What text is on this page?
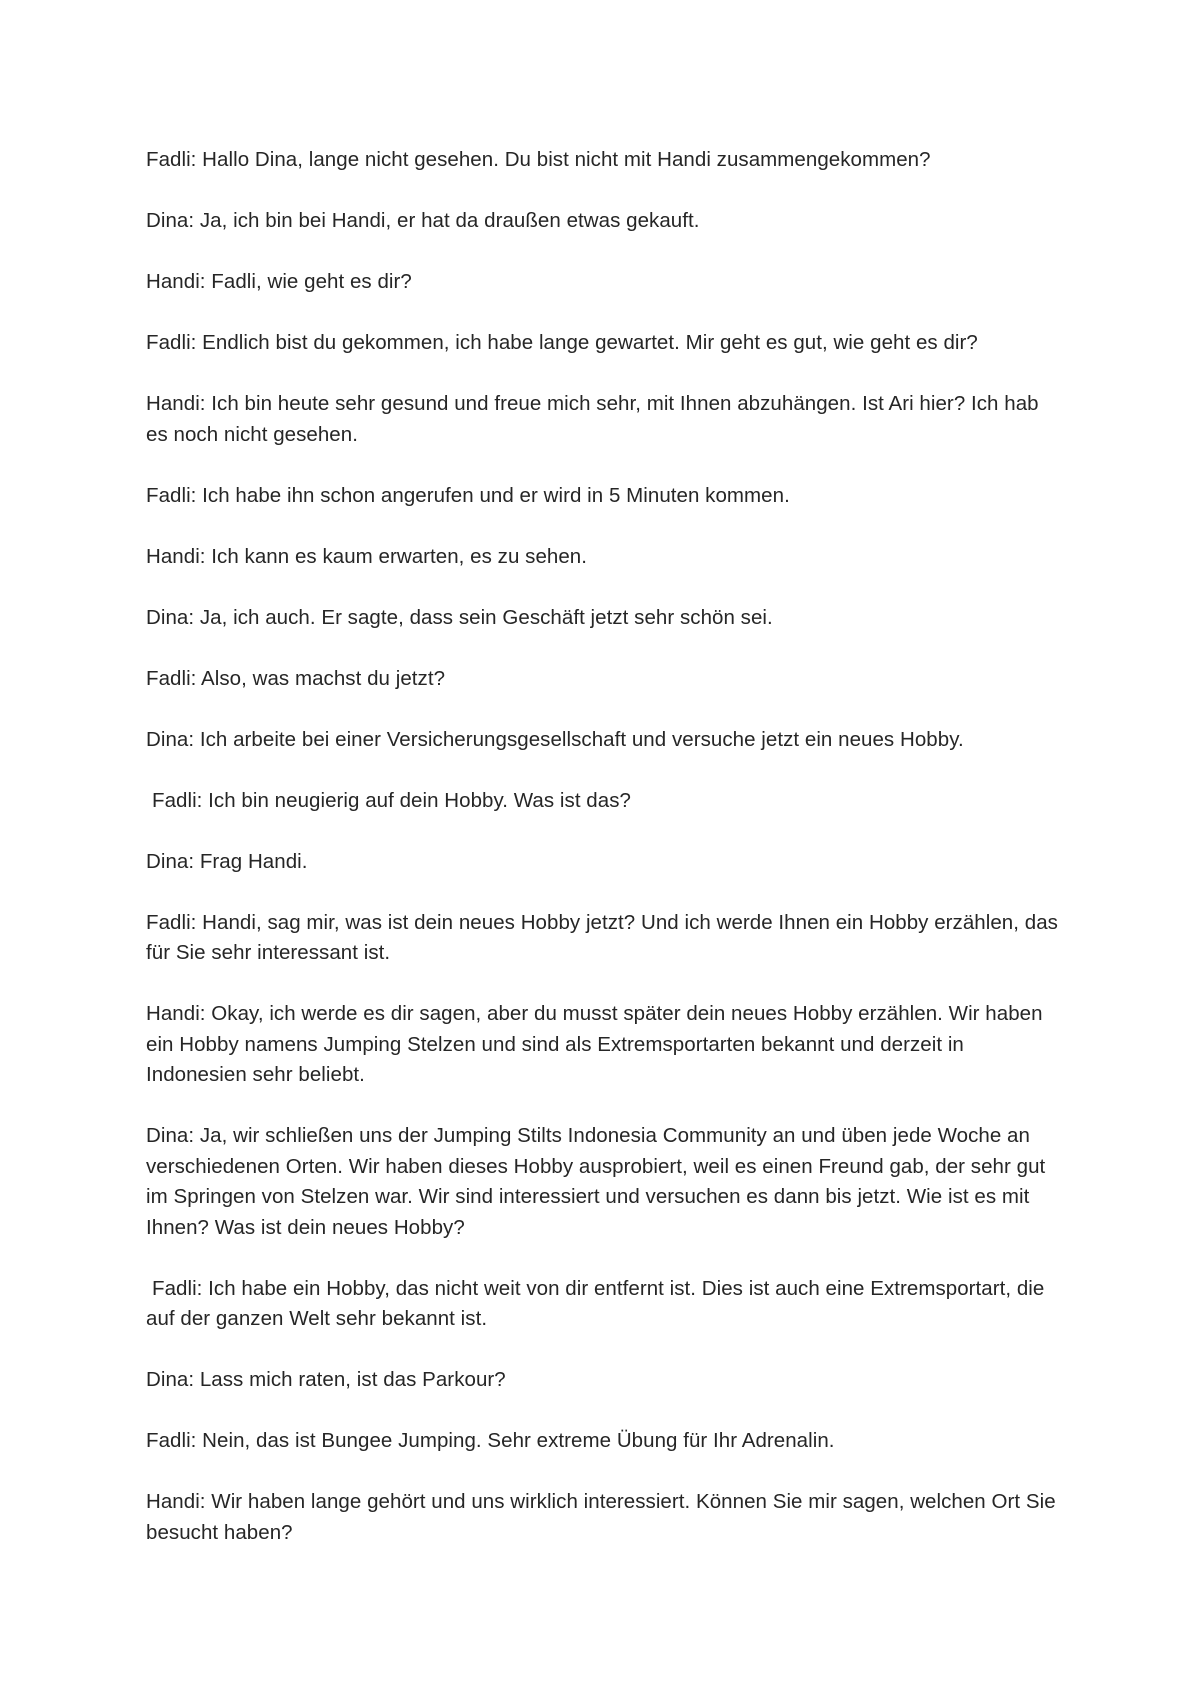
Fadli: Hallo Dina, lange nicht gesehen. Du bist nicht mit Handi zusammengekommen?

Dina: Ja, ich bin bei Handi, er hat da draußen etwas gekauft.

Handi: Fadli, wie geht es dir?

Fadli: Endlich bist du gekommen, ich habe lange gewartet. Mir geht es gut, wie geht es dir?

Handi: Ich bin heute sehr gesund und freue mich sehr, mit Ihnen abzuhängen. Ist Ari hier? Ich hab es noch nicht gesehen.

Fadli: Ich habe ihn schon angerufen und er wird in 5 Minuten kommen.

Handi: Ich kann es kaum erwarten, es zu sehen.

Dina: Ja, ich auch. Er sagte, dass sein Geschäft jetzt sehr schön sei.

Fadli: Also, was machst du jetzt?

Dina: Ich arbeite bei einer Versicherungsgesellschaft und versuche jetzt ein neues Hobby.

Fadli: Ich bin neugierig auf dein Hobby. Was ist das?

Dina: Frag Handi.

Fadli: Handi, sag mir, was ist dein neues Hobby jetzt? Und ich werde Ihnen ein Hobby erzählen, das für Sie sehr interessant ist.

Handi: Okay, ich werde es dir sagen, aber du musst später dein neues Hobby erzählen. Wir haben ein Hobby namens Jumping Stelzen und sind als Extremsportarten bekannt und derzeit in Indonesien sehr beliebt.

Dina: Ja, wir schließen uns der Jumping Stilts Indonesia Community an und üben jede Woche an verschiedenen Orten. Wir haben dieses Hobby ausprobiert, weil es einen Freund gab, der sehr gut im Springen von Stelzen war. Wir sind interessiert und versuchen es dann bis jetzt. Wie ist es mit Ihnen? Was ist dein neues Hobby?

Fadli: Ich habe ein Hobby, das nicht weit von dir entfernt ist. Dies ist auch eine Extremsportart, die auf der ganzen Welt sehr bekannt ist.

Dina: Lass mich raten, ist das Parkour?

Fadli: Nein, das ist Bungee Jumping. Sehr extreme Übung für Ihr Adrenalin.

Handi: Wir haben lange gehört und uns wirklich interessiert. Können Sie mir sagen, welchen Ort Sie besucht haben?
